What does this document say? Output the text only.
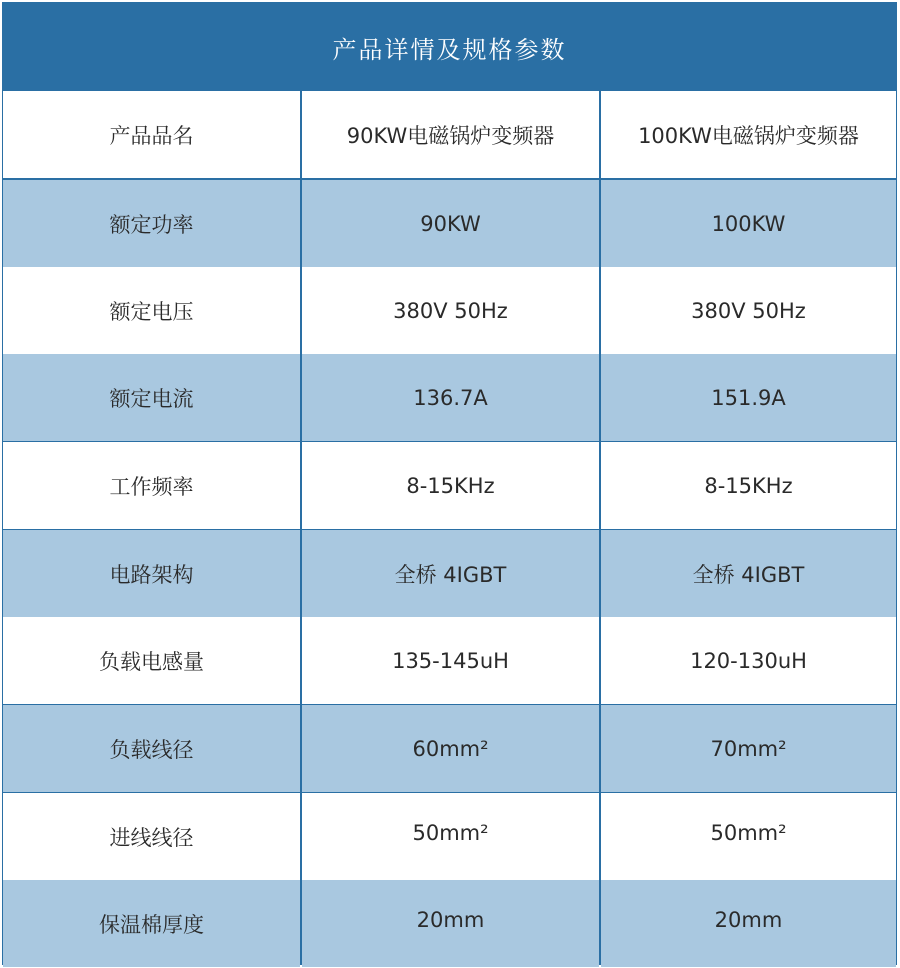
产品详情及规格参数
产品品名	90KW电磁锅炉变频器	100KW电磁锅炉变频器
额定功率	90KW	100KW
额定电压	380V 50Hz	380V 50Hz
额定电流	136.7A	151.9A
工作频率	8-15KHz	8-15KHz
电路架构	全桥 4IGBT	全桥 4IGBT
负载电感量	135-145uH	120-130uH
负载线径	60mm²	70mm²
进线线径	50mm²	50mm²
保温棉厚度	20mm	20mm
